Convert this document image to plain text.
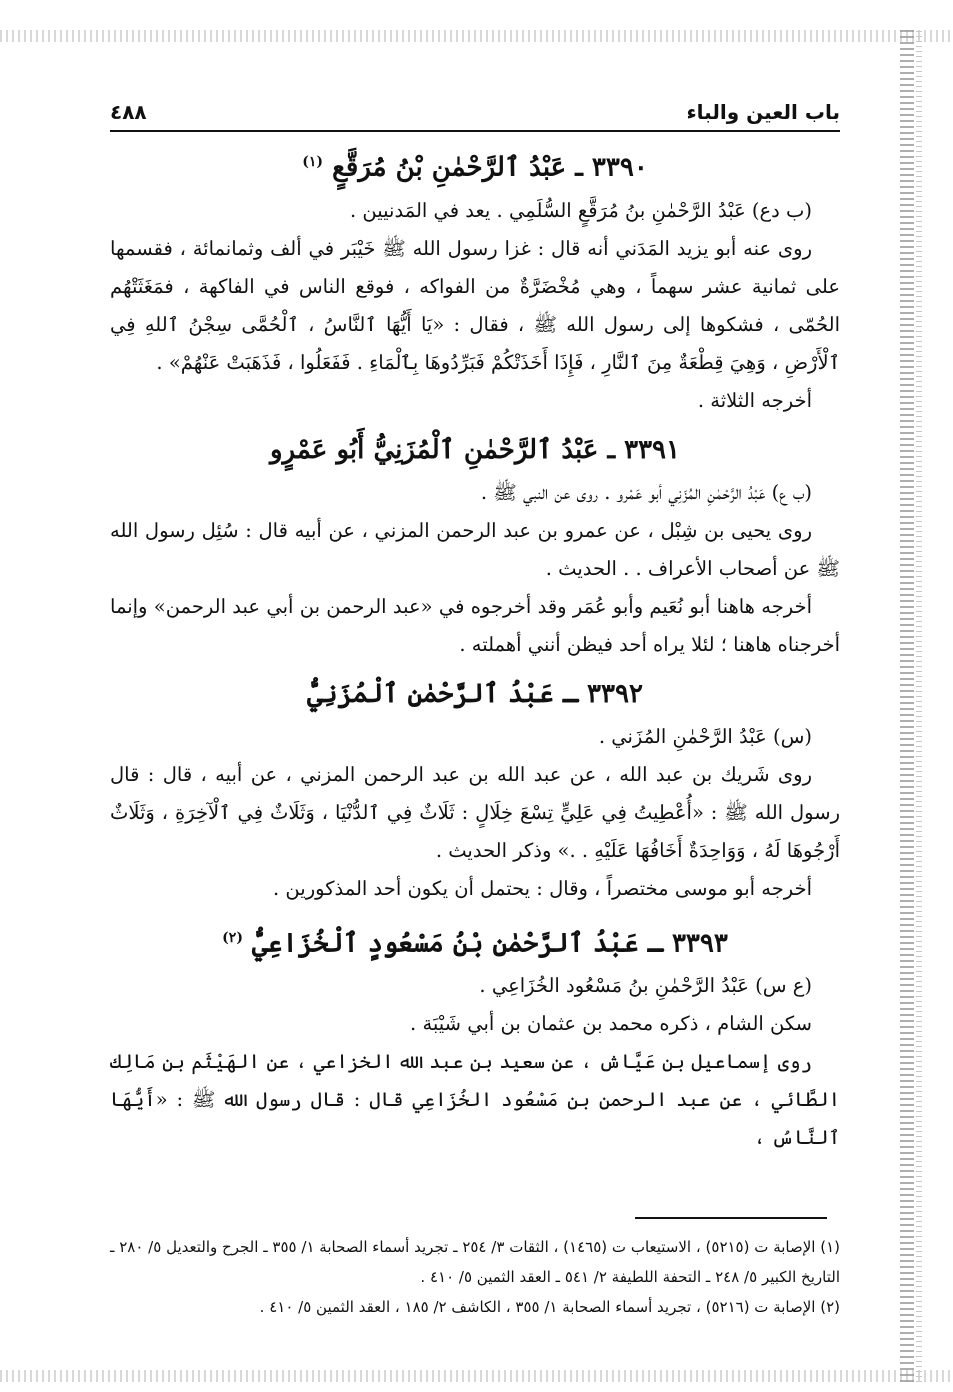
باب العين والباء
٤٨٨
٣٣٩٠ ـ عَبْدُ ٱلرَّحْمٰنِ بْنُ مُرَقَّعٍ $^{(١)}$

(ب دع) عَبْدُ الرَّحْمٰنِ بنُ مُرَقَّعٍ السُّلَمِي . يعد في المَدنيين .

روى عنه أبو يزيد المَدَني أنه قال : غزا رسول الله ﷺ خَيْبَر في ألف وثمانمائة ، فقسمها على ثمانية عشر سهماً ، وهي مُخْضَرَّةٌ من الفواكه ، فوقع الناس في الفاكهة ، فمَغَثَتْهُم الحُمّى ، فشكوها إلى رسول الله ﷺ ، فقال : «يَا أَيُّهَا ٱلنَّاسُ ، ٱلْحُمَّى سِجْنُ ٱللهِ فِي ٱلْأَرْضِ ، وَهِيَ قِطْعَةٌ مِنَ ٱلنَّارِ ، فَإِذَا أَخَذَتْكُمْ فَبَرِّدُوهَا بِٱلْمَاءِ . فَفَعَلُوا ، فَذَهَبَتْ عَنْهُمْ» .

أخرجه الثلاثة .

٣٣٩١ ـ عَبْدُ ٱلرَّحْمٰنِ ٱلْمُزَنِيُّ أَبُو عَمْرٍو

(ب ع) عَبْدُ الرَّحْمٰنِ المُزَنِي أبو عَمْرو . روى عن النبي ﷺ .

روى يحيى بن شِبْل ، عن عمرو بن عبد الرحمن المزني ، عن أبيه قال : سُئِل رسول الله ﷺ عن أصحاب الأعراف . . الحديث .

أخرجه هاهنا أبو نُعَيم وأبو عُمَر وقد أخرجوه في «عبد الرحمن بن أبي عبد الرحمن» وإنما أخرجناه هاهنا ؛ لئلا يراه أحد فيظن أنني أهملته .

٣٣٩٢ ـ عَبْدُ ٱلرَّحْمٰنِ ٱلْمُزَنِيُّ

(س) عَبْدُ الرَّحْمٰنِ المُزَني .

روى شَريك بن عبد الله ، عن عبد الله بن عبد الرحمن المزني ، عن أبيه ، قال : قال رسول الله ﷺ : «أُعْطِيتُ فِي عَلِيٍّ تِسْعَ خِلَالٍ : ثَلَاثٌ فِي ٱلدُّنْيَا ، وَثَلَاثٌ فِي ٱلْآخِرَةِ ، وَثَلَاثٌ أَرْجُوهَا لَهُ ، وَوَاحِدَةٌ أَخَافُهَا عَلَيْهِ . .» وذكر الحديث .

أخرجه أبو موسى مختصراً ، وقال : يحتمل أن يكون أحد المذكورين .

٣٣٩٣ ـ عَبْدُ ٱلرَّحْمٰنِ بْنُ مَسْعُودٍ ٱلْخُزَاعِيُّ $^{(٢)}$

(ع س) عَبْدُ الرَّحْمٰنِ بنُ مَسْعُود الخُزَاعِي .

سكن الشام ، ذكره محمد بن عثمان بن أبي شَيْبَة .

روى إسماعيل بن عَيَّاش ، عن سعيد بن عبد الله الخزاعي ، عن الهَيْثَم بن مَالِك الطَّائي ، عن عبد الرحمن بن مَسْعُود الخُزَاعِي قال : قال رسول الله ﷺ : «أَيُّهَا ٱلنَّاسُ ،

(١) الإصابة ت (٥٢١٥) ، الاستيعاب ت (١٤٦٥) ، الثقات ٣/ ٢٥٤ ـ تجريد أسماء الصحابة ١/ ٣٥٥ ـ الجرح والتعديل ٥/ ٢٨٠ ـ التاريخ الكبير ٥/ ٢٤٨ ـ التحفة اللطيفة ٢/ ٥٤١ ـ العقد الثمين ٥/ ٤١٠ .

(٢) الإصابة ت (٥٢١٦) ، تجريد أسماء الصحابة ١/ ٣٥٥ ، الكاشف ٢/ ١٨٥ ، العقد الثمين ٥/ ٤١٠ .
